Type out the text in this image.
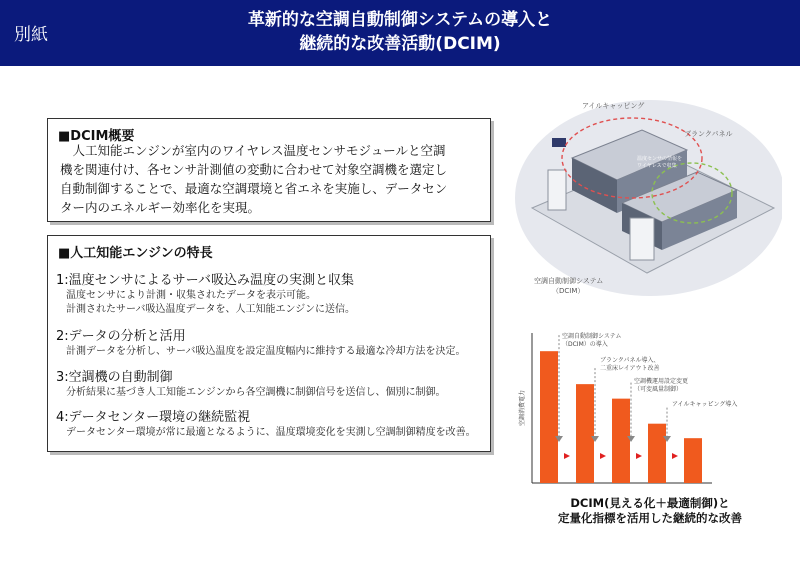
別紙
革新的な空調自動制御システムの導入と
継続的な改善活動(DCIM)
■DCIM概要
　人工知能エンジンが室内のワイヤレス温度センサモジュールと空調
機を関連付け、各センサ計測値の変動に合わせて対象空調機を選定し
自動制御することで、最適な空調環境と省エネを実施し、データセン
ター内のエネルギー効率化を実現。
■人工知能エンジンの特長
1:温度センサによるサーバ吸込み温度の実測と収集
温度センサにより計測・収集されたデータを表示可能。
計測されたサーバ吸込温度データを、人工知能エンジンに送信。
2:データの分析と活用
計測データを分析し、サーバ吸込温度を設定温度幅内に維持する最適な冷却方法を決定。
3:空調機の自動制御
分析結果に基づき人工知能エンジンから各空調機に制御信号を送信し、個別に制御。
4:データセンター環境の継続監視
データセンター環境が常に最適となるように、温度環境変化を実測し空調制御精度を改善。
アイルキャッピング
ブランクパネル
温度センサの情報を
ワイヤレスで収集
空調自動制御システム
（DCIM）
空調消費電力
空調自動制御システム
（DCIM）の導入
ブランクパネル導入、
二重床レイアウト改善
空調機運用設定変更
（可変風量制御）
アイルキャッピング導入
DCIM(見える化＋最適制御)と
定量化指標を活用した継続的な改善
